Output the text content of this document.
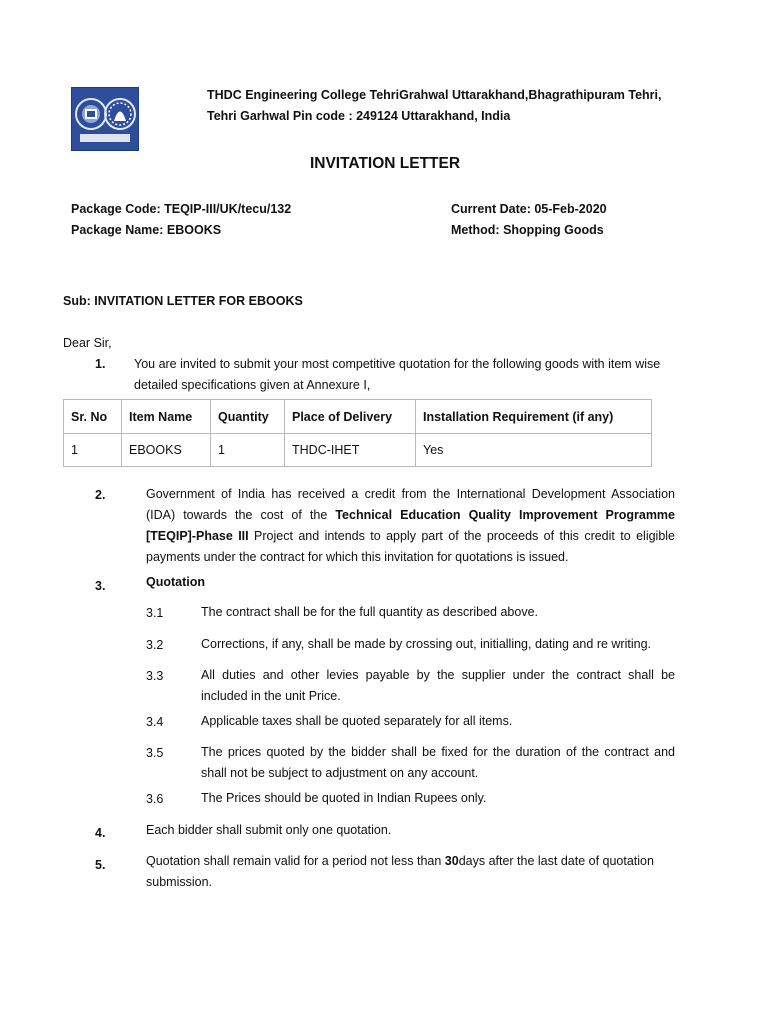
THDC Engineering College TehriGrahwal Uttarakhand,Bhagrathipuram Tehri,
Tehri Garhwal Pin code : 249124 Uttarakhand, India
INVITATION LETTER
Package Code: TEQIP-III/UK/tecu/132
Package Name: EBOOKS
Current Date: 05-Feb-2020
Method: Shopping Goods
Sub: INVITATION LETTER FOR EBOOKS
Dear Sir,
1. You are invited to submit your most competitive quotation for the following goods with item wise
detailed specifications given at Annexure I,
Sr. No	Item Name	Quantity	Place of Delivery	Installation Requirement (if any)
1	EBOOKS	1	THDC-IHET	Yes
2.	Government of India has received a credit from the International Development Association (IDA) towards the cost of the Technical Education Quality Improvement Programme [TEQIP]-Phase III Project and intends to apply part of the proceeds of this credit to eligible payments under the contract for which this invitation for quotations is issued.
3.	Quotation
3.1	The contract shall be for the full quantity as described above.
3.2	Corrections, if any, shall be made by crossing out, initialling, dating and re writing.
3.3	All duties and other levies payable by the supplier under the contract shall be included in the unit Price.
3.4	Applicable taxes shall be quoted separately for all items.
3.5	The prices quoted by the bidder shall be fixed for the duration of the contract and shall not be subject to adjustment on any account.
3.6	The Prices should be quoted in Indian Rupees only.
4.	Each bidder shall submit only one quotation.
5.	Quotation shall remain valid for a period not less than 30days after the last date of quotation submission.
